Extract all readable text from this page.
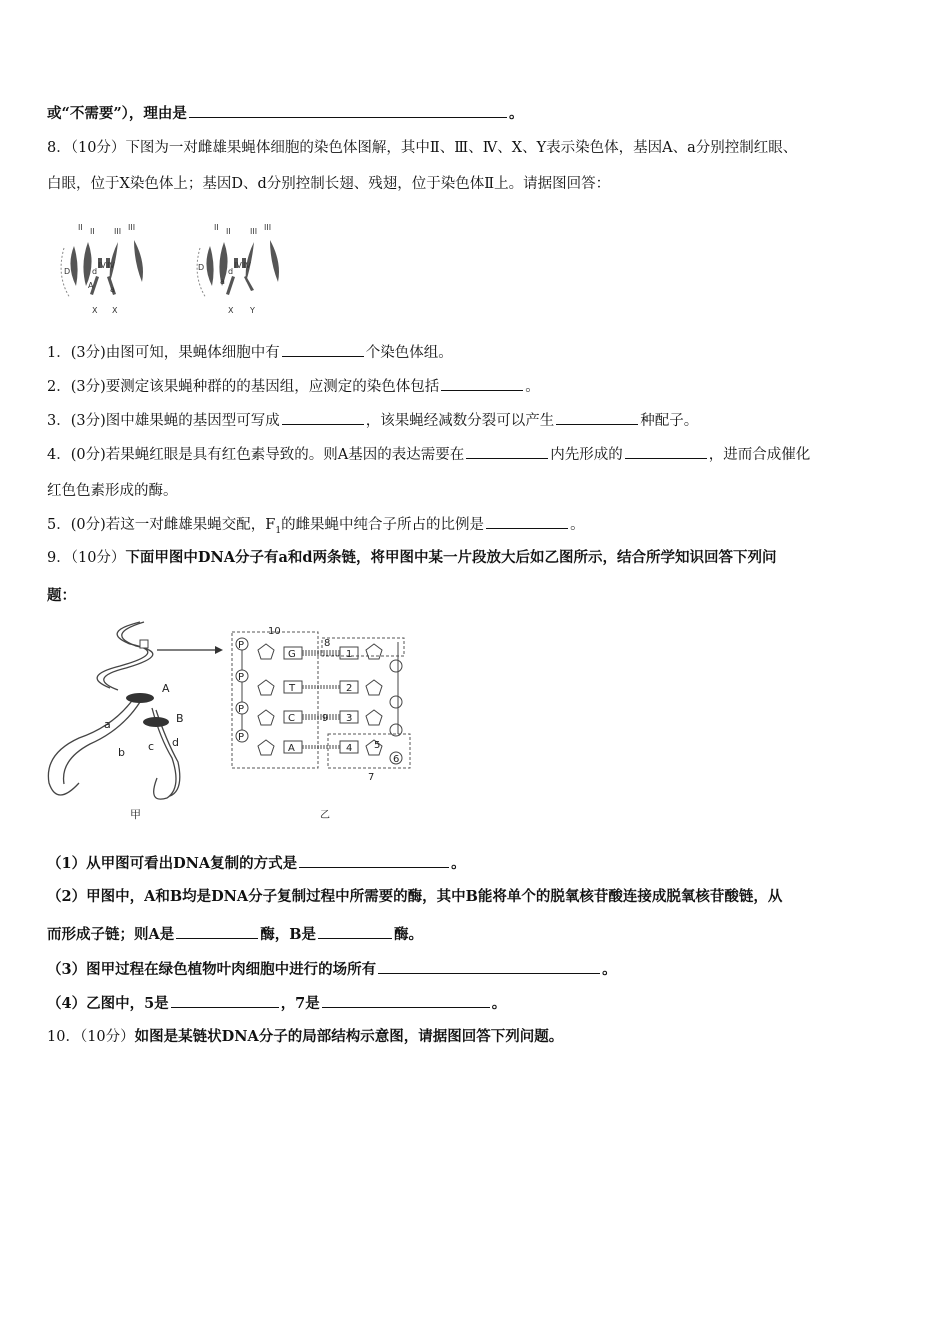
或“不需要”），理由是	。
8．（10分）下图为一对雌雄果蝇体细胞的染色体图解，其中Ⅱ、Ⅲ、Ⅳ、X、Y表示染色体，基因A、a分别控制红眼、
白眼，位于X染色体上；基因D、d分别控制长翅、残翅，位于染色体Ⅱ上。请据图回答：
II II III III
IV IV
D	d
A a
X X
II II III III
IV IV
D	d
a
X Y
1．(3分)由图可知，果蝇体细胞中有	个染色体组。
2．(3分)要测定该果蝇种群的的基因组，应测定的染色体包括	。
3．(3分)图中雄果蝇的基因型可写成	，该果蝇经减数分裂可以产生	种配子。
4．(0分)若果蝇红眼是具有红色素导致的。则A基因的表达需要在	内先形成的	，进而合成催化
红色色素形成的酶。
5．(0分)若这一对雌雄果蝇交配，$F_1$的雌果蝇中纯合子所占的比例是	。
9．（10分）下面甲图中DNA分子有a和d两条链，将甲图中某一片段放大后如乙图所示，结合所学知识回答下列问
题：
A
B
a
b c d
甲
P
P
P
P
G
T
C
A
1
2
3
4
10
8
9
5
6
7
乙
（1）从甲图可看出DNA复制的方式是	。
（2）甲图中，A和B均是DNA分子复制过程中所需要的酶，其中B能将单个的脱氧核苷酸连接成脱氧核苷酸链，从
而形成子链；则A是	酶，B是	酶。
（3）图甲过程在绿色植物叶肉细胞中进行的场所有	。
（4）乙图中，5是	，7是	。
10．（10分）如图是某链状DNA分子的局部结构示意图，请据图回答下列问题。
